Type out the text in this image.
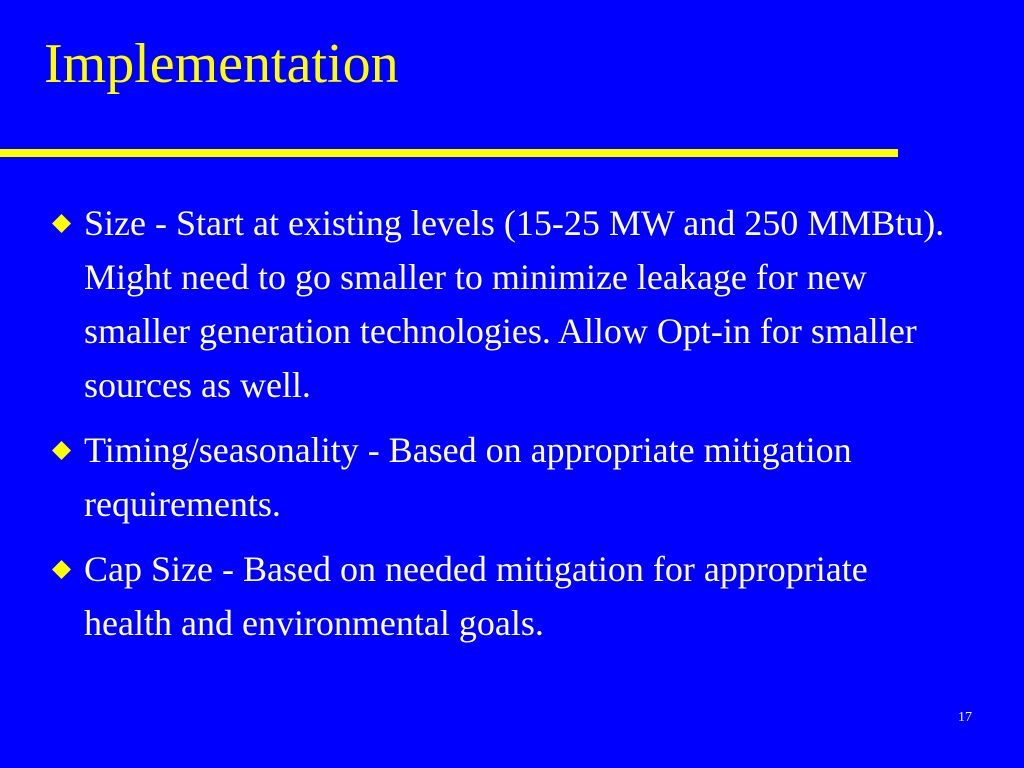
Implementation
Size - Start at existing levels (15-25 MW and 250 MMBtu). Might need to go smaller to minimize leakage for new smaller generation technologies. Allow Opt-in for smaller sources as well.
Timing/seasonality - Based on appropriate mitigation requirements.
Cap Size - Based on needed mitigation for appropriate health and environmental goals.
17
